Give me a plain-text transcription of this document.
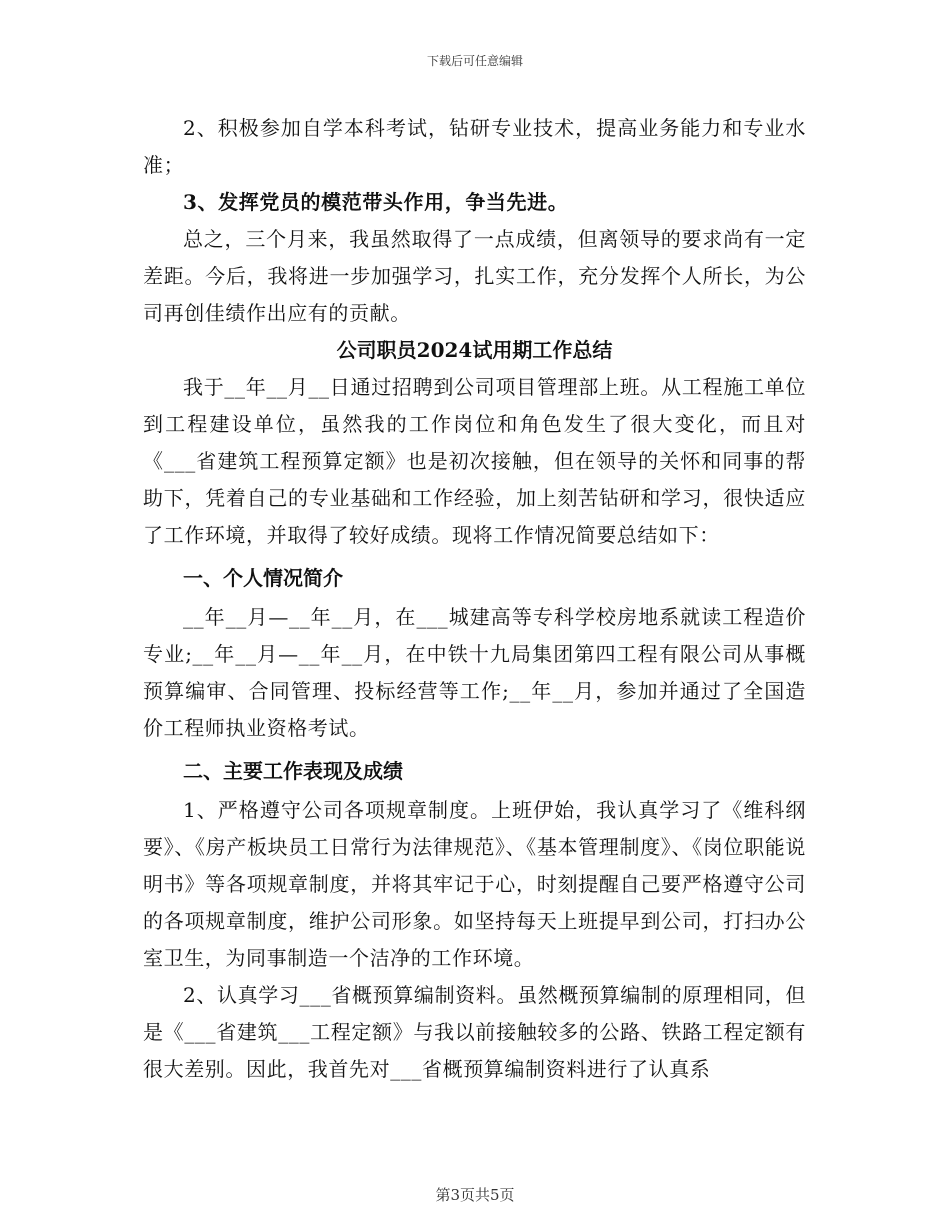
下载后可任意编辑

2、积极参加自学本科考试，钻研专业技术，提高业务能力和专业水准；

3、发挥党员的模范带头作用，争当先进。

总之，三个月来，我虽然取得了一点成绩，但离领导的要求尚有一定差距。今后，我将进一步加强学习，扎实工作，充分发挥个人所长，为公司再创佳绩作出应有的贡献。

公司职员2024试用期工作总结

我于__年__月__日通过招聘到公司项目管理部上班。从工程施工单位到工程建设单位，虽然我的工作岗位和角色发生了很大变化，而且对《___省建筑工程预算定额》也是初次接触，但在领导的关怀和同事的帮助下，凭着自己的专业基础和工作经验，加上刻苦钻研和学习，很快适应了工作环境，并取得了较好成绩。现将工作情况简要总结如下：

一、个人情况简介

__年__月—__年__月，在___城建高等专科学校房地系就读工程造价专业;__年__月—__年__月，在中铁十九局集团第四工程有限公司从事概预算编审、合同管理、投标经营等工作;__年__月，参加并通过了全国造价工程师执业资格考试。

二、主要工作表现及成绩

1、严格遵守公司各项规章制度。上班伊始，我认真学习了《维科纲要》、《房产板块员工日常行为法律规范》、《基本管理制度》、《岗位职能说明书》等各项规章制度，并将其牢记于心，时刻提醒自己要严格遵守公司的各项规章制度，维护公司形象。如坚持每天上班提早到公司，打扫办公室卫生，为同事制造一个洁净的工作环境。

2、认真学习___省概预算编制资料。虽然概预算编制的原理相同，但是《___省建筑___工程定额》与我以前接触较多的公路、铁路工程定额有很大差别。因此，我首先对___省概预算编制资料进行了认真系

第3页共5页
